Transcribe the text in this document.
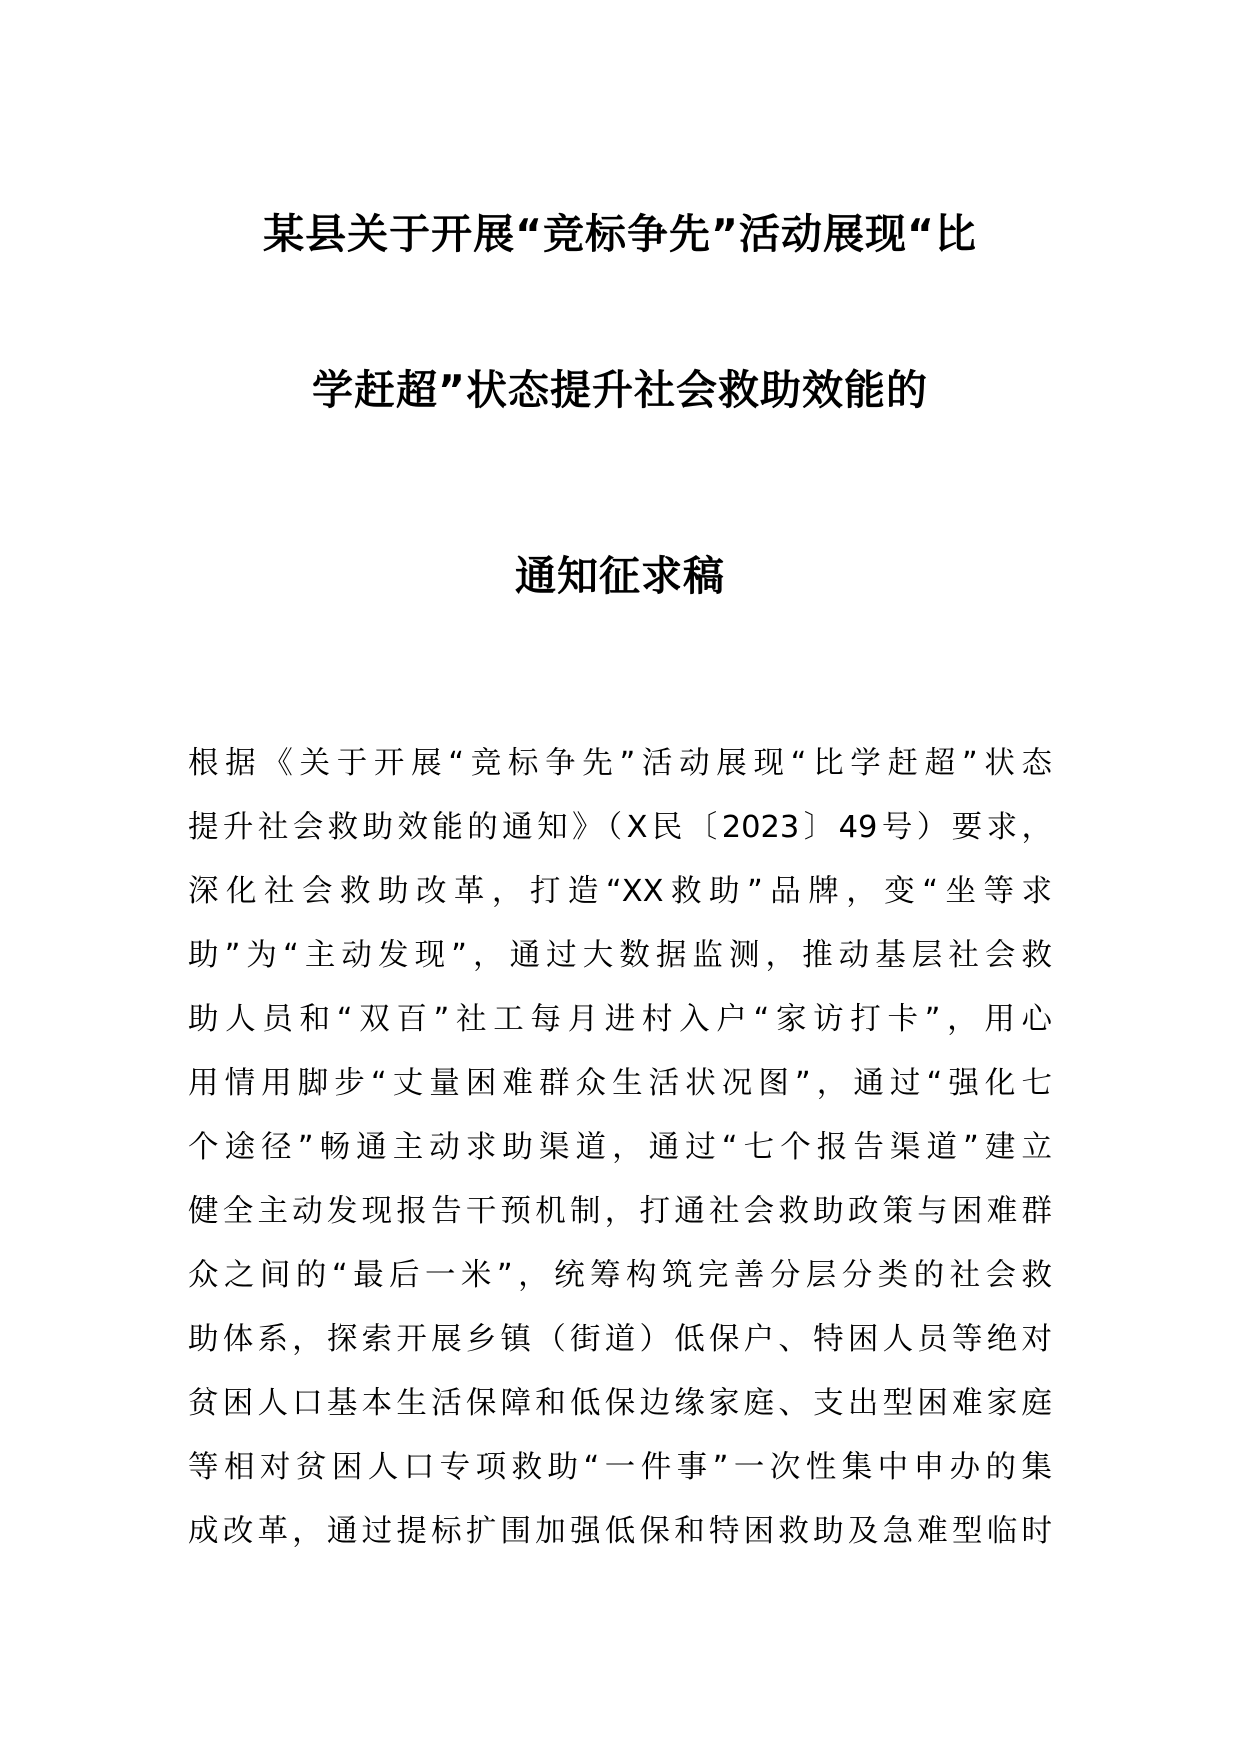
某县关于开展“竞标争先”活动展现“比
学赶超”状态提升社会救助效能的
通知征求稿
根据《关于开展“竞标争先”活动展现“比学赶超”状态
提升社会救助效能的通知》（X民〔2023〕49号）要求，
深化社会救助改革，打造“XX救助”品牌，变“坐等求
助”为“主动发现”，通过大数据监测，推动基层社会救
助人员和“双百”社工每月进村入户“家访打卡”，用心
用情用脚步“丈量困难群众生活状况图”，通过“强化七
个途径”畅通主动求助渠道，通过“七个报告渠道”建立
健全主动发现报告干预机制，打通社会救助政策与困难群
众之间的“最后一米”，统筹构筑完善分层分类的社会救
助体系，探索开展乡镇（街道）低保户、特困人员等绝对
贫困人口基本生活保障和低保边缘家庭、支出型困难家庭
等相对贫困人口专项救助“一件事”一次性集中申办的集
成改革，通过提标扩围加强低保和特困救助及急难型临时
